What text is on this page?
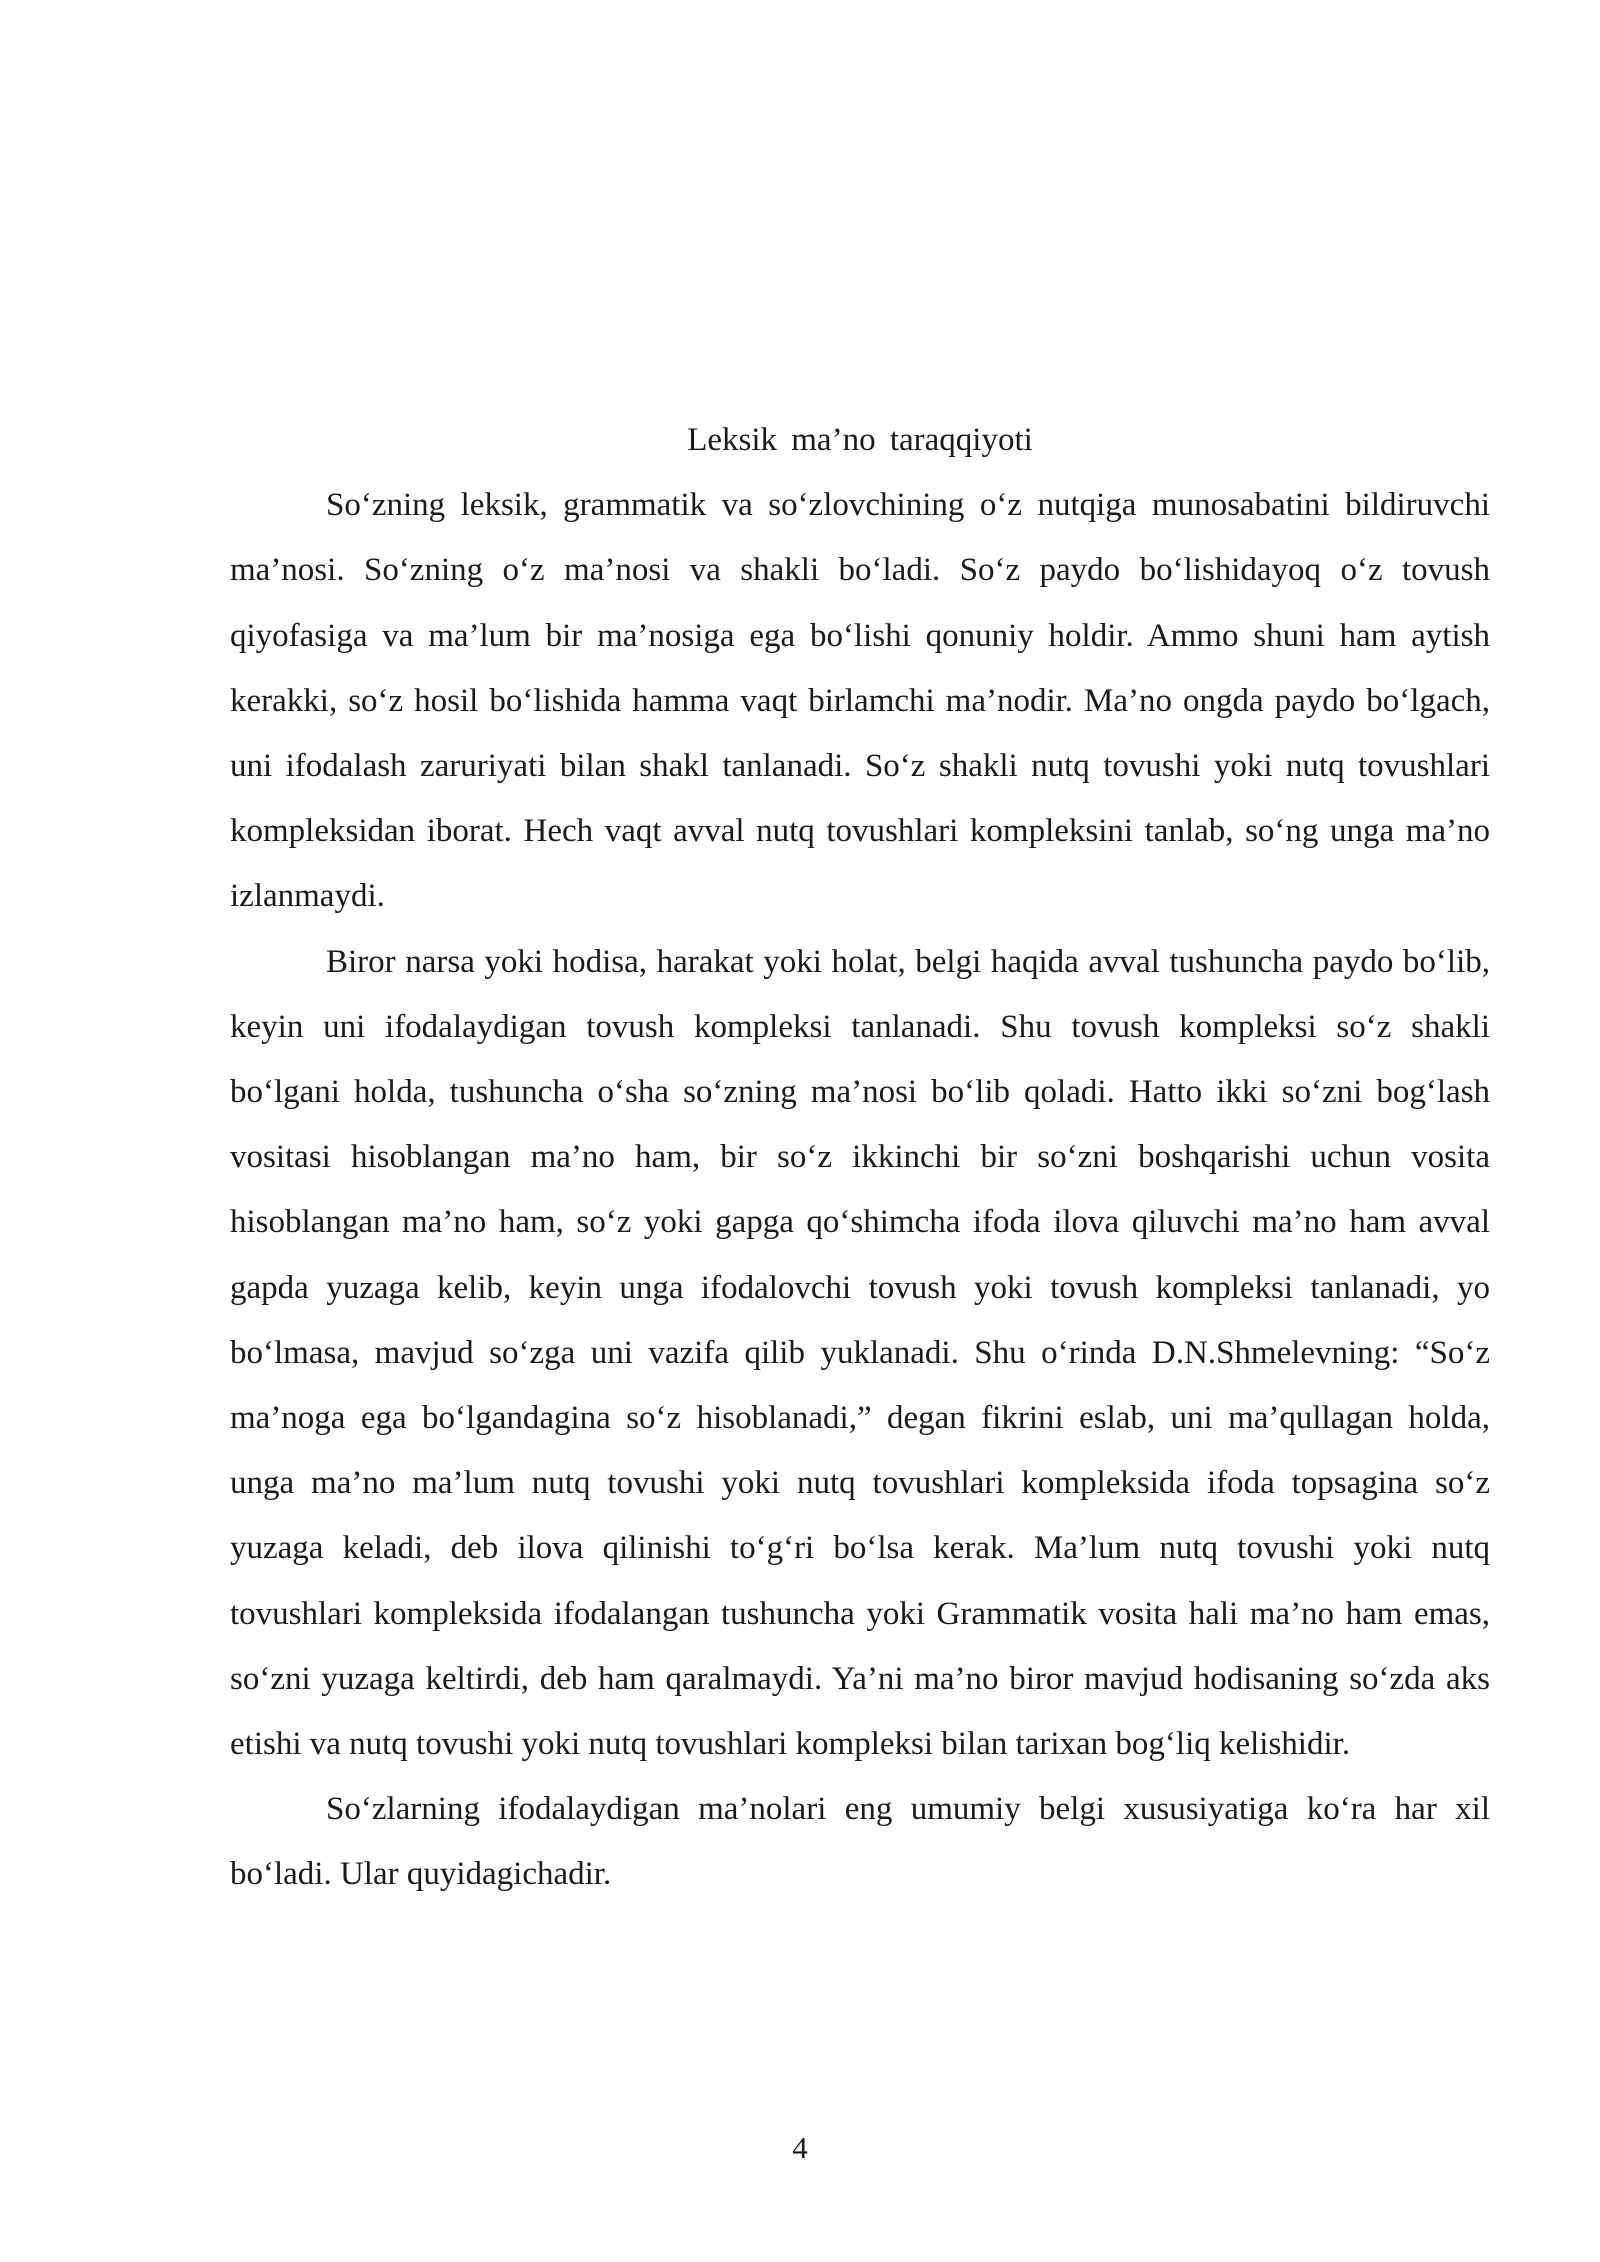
Leksik ma’no taraqqiyoti

So‘zning leksik, grammatik va so‘zlovchining o‘z nutqiga munosabatini bildiruvchi ma’nosi. So‘zning o‘z ma’nosi va shakli bo‘ladi. So‘z paydo bo‘lishidayoq o‘z tovush qiyofasiga va ma’lum bir ma’nosiga ega bo‘lishi qonuniy holdir. Ammo shuni ham aytish kerakki, so‘z hosil bo‘lishida hamma vaqt birlamchi ma’nodir. Ma’no ongda paydo bo‘lgach, uni ifodalash zaruriyati bilan shakl tanlanadi. So‘z shakli nutq tovushi yoki nutq tovushlari kompleksidan iborat. Hech vaqt avval nutq tovushlari kompleksini tanlab, so‘ng unga ma’no izlanmaydi.

Biror narsa yoki hodisa, harakat yoki holat, belgi haqida avval tushuncha paydo bo‘lib, keyin uni ifodalaydigan tovush kompleksi tanlanadi. Shu tovush kompleksi so‘z shakli bo‘lgani holda, tushuncha o‘sha so‘zning ma’nosi bo‘lib qoladi. Hatto ikki so‘zni bog‘lash vositasi hisoblangan ma’no ham, bir so‘z ikkinchi bir so‘zni boshqarishi uchun vosita hisoblangan ma’no ham, so‘z yoki gapga qo‘shimcha ifoda ilova qiluvchi ma’no ham avval gapda yuzaga kelib, keyin unga ifodalovchi tovush yoki tovush kompleksi tanlanadi, yo bo‘lmasa, mavjud so‘zga uni vazifa qilib yuklanadi. Shu o‘rinda D.N.Shmelevning: “So‘z ma’noga ega bo‘lgandagina so‘z hisoblanadi,” degan fikrini eslab, uni ma’qullagan holda, unga ma’no ma’lum nutq tovushi yoki nutq tovushlari kompleksida ifoda topsagina so‘z yuzaga keladi, deb ilova qilinishi to‘g‘ri bo‘lsa kerak. Ma’lum nutq tovushi yoki nutq tovushlari kompleksida ifodalangan tushuncha yoki Grammatik vosita hali ma’no ham emas, so‘zni yuzaga keltirdi, deb ham qaralmaydi. Ya’ni ma’no biror mavjud hodisaning so‘zda aks etishi va nutq tovushi yoki nutq tovushlari kompleksi bilan tarixan bog‘liq kelishidir.

So‘zlarning ifodalaydigan ma’nolari eng umumiy belgi xususiyatiga ko‘ra har xil bo‘ladi. Ular quyidagichadir.

4
